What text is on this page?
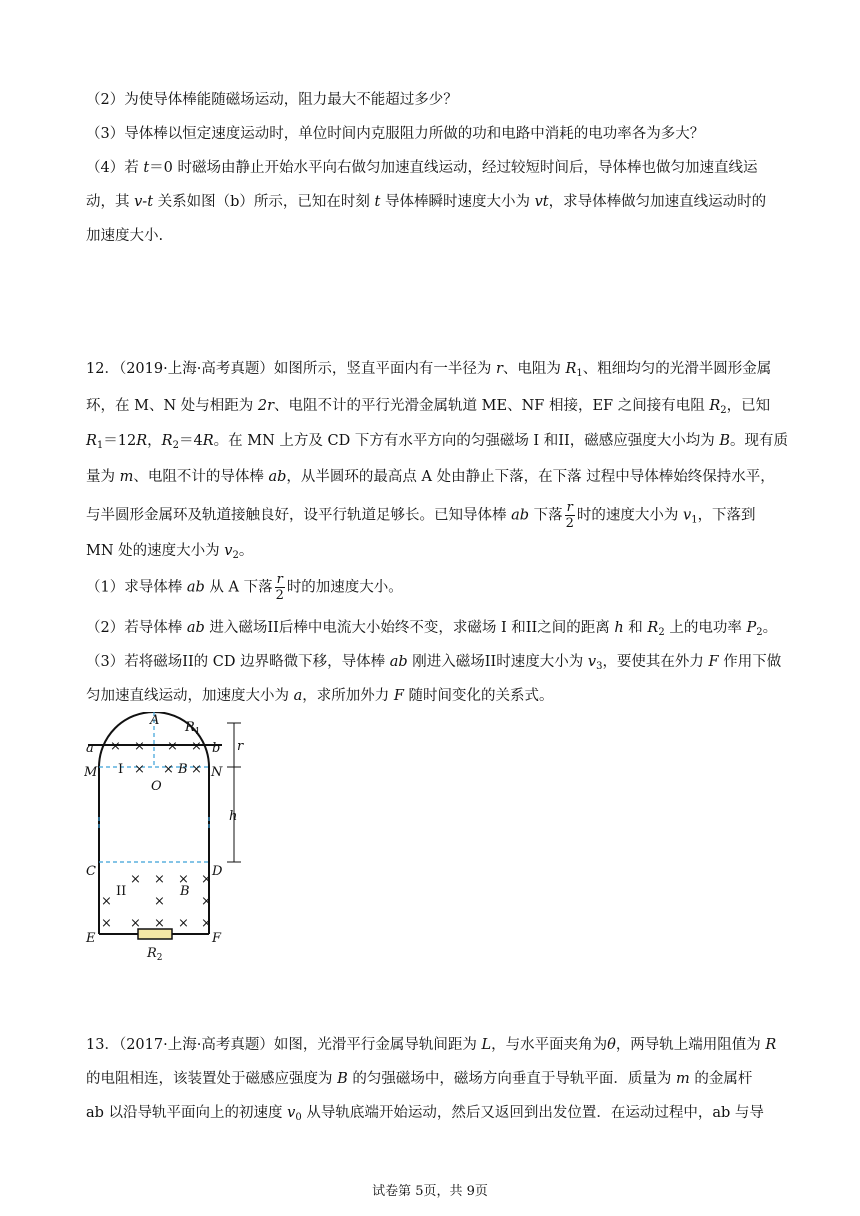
（2）为使导体棒能随磁场运动，阻力最大不能超过多少？
（3）导体棒以恒定速度运动时，单位时间内克服阻力所做的功和电路中消耗的电功率各为多大？
（4）若 t＝0 时磁场由静止开始水平向右做匀加速直线运动，经过较短时间后，导体棒也做匀加速直线运
动，其 v-t 关系如图（b）所示，已知在时刻 t 导体棒瞬时速度大小为 vt，求导体棒做匀加速直线运动时的
加速度大小.
12．（2019·上海·高考真题）如图所示，竖直平面内有一半径为 r、电阻为 $R_1$、粗细均匀的光滑半圆形金属
环，在 M、N 处与相距为 2r、电阻不计的平行光滑金属轨道 ME、NF 相接，EF 之间接有电阻 $R_2$，已知
$R_1=12R$，$R_2=4R$。在 MN 上方及 CD 下方有水平方向的匀强磁场 I 和II，磁感应强度大小均为 B。现有质
量为 m、电阻不计的导体棒 ab，从半圆环的最高点 A 处由静止下落，在下落 过程中导体棒始终保持水平，
与半圆形金属环及轨道接触良好，设平行轨道足够长。已知导体棒 ab 下落 $\frac{r}{2}$ 时的速度大小为 $v_1$，下落到
MN 处的速度大小为 $v_2$。
（1）求导体棒 ab 从 A 下落 $\frac{r}{2}$ 时的加速度大小。
（2）若导体棒 ab 进入磁场II后棒中电流大小始终不变，求磁场 I 和II之间的距离 h 和 $R_2$ 上的电功率 $P_2$。
（3）若将磁场II的 CD 边界略微下移，导体棒 ab 刚进入磁场II时速度大小为 $v_3$，要使其在外力 F 作用下做
匀加速直线运动，加速度大小为 a，求所加外力 F 随时间变化的关系式。
× × × ×
× × ×
× × × ×
×	×	×
× × × × ×
A $R_1$
a	b
M	N
B
O
r
h
C	D
B
E	F
$R_2$
I
II
13．（2017·上海·高考真题）如图，光滑平行金属导轨间距为 L，与水平面夹角为θ，两导轨上端用阻值为 R
的电阻相连，该装置处于磁感应强度为 B 的匀强磁场中，磁场方向垂直于导轨平面．质量为 m 的金属杆
ab 以沿导轨平面向上的初速度 $v_0$ 从导轨底端开始运动，然后又返回到出发位置．在运动过程中，ab 与导
试卷第 5页，共 9页
